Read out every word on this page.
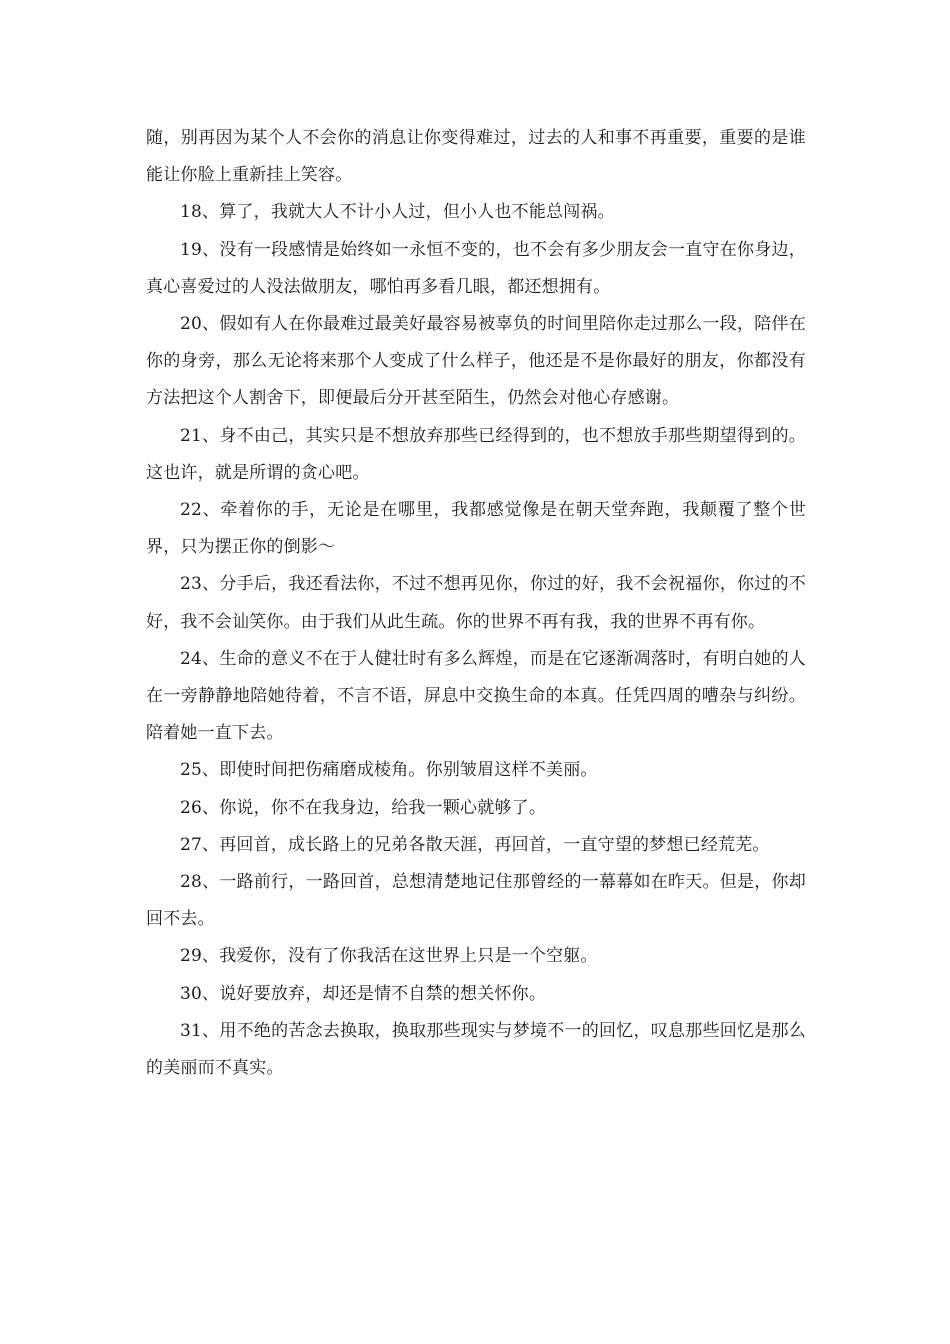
随，别再因为某个人不会你的消息让你变得难过，过去的人和事不再重要，重要的是谁能让你脸上重新挂上笑容。

18、算了，我就大人不计小人过，但小人也不能总闯祸。

19、没有一段感情是始终如一永恒不变的，也不会有多少朋友会一直守在你身边，真心喜爱过的人没法做朋友，哪怕再多看几眼，都还想拥有。

20、假如有人在你最难过最美好最容易被辜负的时间里陪你走过那么一段，陪伴在你的身旁，那么无论将来那个人变成了什么样子，他还是不是你最好的朋友，你都没有方法把这个人割舍下，即便最后分开甚至陌生，仍然会对他心存感谢。

21、身不由己，其实只是不想放弃那些已经得到的，也不想放手那些期望得到的。这也许，就是所谓的贪心吧。

22、牵着你的手，无论是在哪里，我都感觉像是在朝天堂奔跑，我颠覆了整个世界，只为摆正你的倒影～

23、分手后，我还看法你，不过不想再见你，你过的好，我不会祝福你，你过的不好，我不会讪笑你。由于我们从此生疏。你的世界不再有我，我的世界不再有你。

24、生命的意义不在于人健壮时有多么辉煌，而是在它逐渐凋落时，有明白她的人在一旁静静地陪她待着，不言不语，屏息中交换生命的本真。任凭四周的嘈杂与纠纷。陪着她一直下去。

25、即使时间把伤痛磨成棱角。你别皱眉这样不美丽。

26、你说，你不在我身边，给我一颗心就够了。

27、再回首，成长路上的兄弟各散天涯，再回首，一直守望的梦想已经荒芜。

28、一路前行，一路回首，总想清楚地记住那曾经的一幕幕如在昨天。但是，你却回不去。

29、我爱你，没有了你我活在这世界上只是一个空躯。

30、说好要放弃，却还是情不自禁的想关怀你。

31、用不绝的苦念去换取，换取那些现实与梦境不一的回忆，叹息那些回忆是那么的美丽而不真实。
